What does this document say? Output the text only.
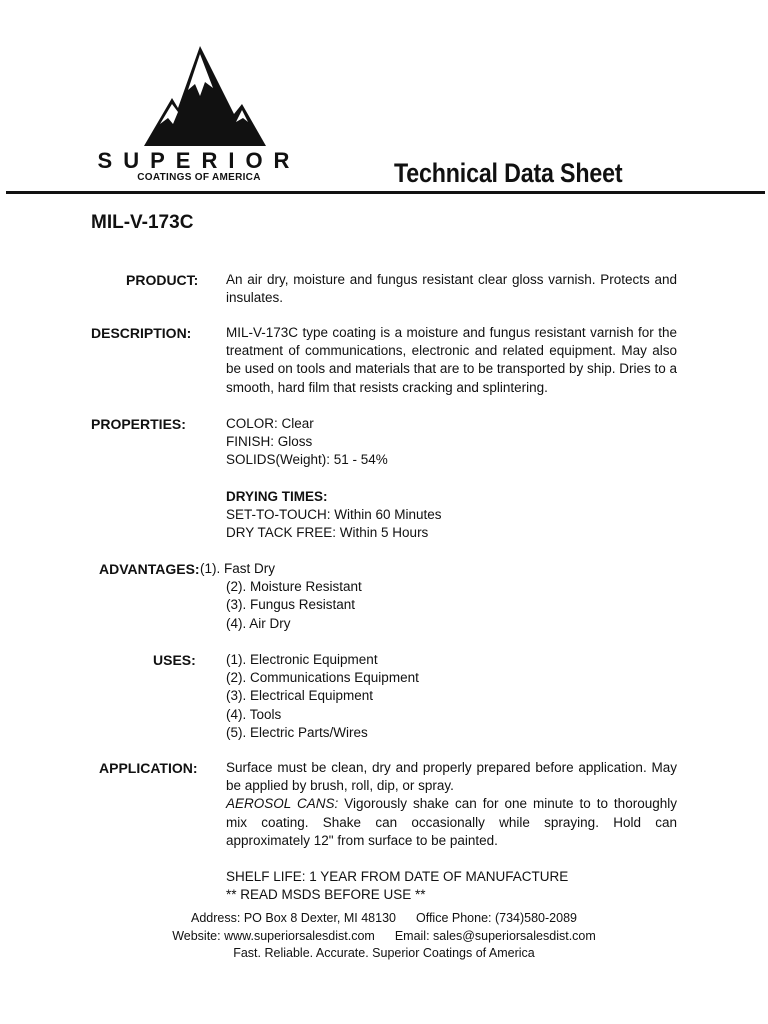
SUPERIOR
COATINGS OF AMERICA	Technical Data Sheet
MIL-V-173C
PRODUCT: An air dry, moisture and fungus resistant clear gloss varnish. Protects and insulates.
DESCRIPTION:	MIL-V-173C type coating is a moisture and fungus resistant varnish for the treatment of communications, electronic and related equipment. May also be used on tools and materials that are to be transported by ship. Dries to a smooth, hard film that resists cracking and splintering.
PROPERTIES:	COLOR: Clear
FINISH: Gloss
SOLIDS(Weight): 51 - 54%
DRYING TIMES:
SET-TO-TOUCH: Within 60 Minutes
DRY TACK FREE: Within 5 Hours
ADVANTAGES: (1). Fast Dry
(2). Moisture Resistant
(3). Fungus Resistant
(4). Air Dry
USES: (1). Electronic Equipment
(2). Communications Equipment
(3). Electrical Equipment
(4). Tools
(5). Electric Parts/Wires
APPLICATION: Surface must be clean, dry and properly prepared before application. May be applied by brush, roll, dip, or spray.
AEROSOL CANS: Vigorously shake can for one minute to to thoroughly mix coating. Shake can occasionally while spraying. Hold can approximately 12" from surface to be painted.
SHELF LIFE: 1 YEAR FROM DATE OF MANUFACTURE
** READ MSDS BEFORE USE **
Address: PO Box 8 Dexter, MI 48130 Office Phone: (734)580-2089
Website: www.superiorsalesdist.com Email: sales@superiorsalesdist.com
Fast. Reliable. Accurate. Superior Coatings of America
